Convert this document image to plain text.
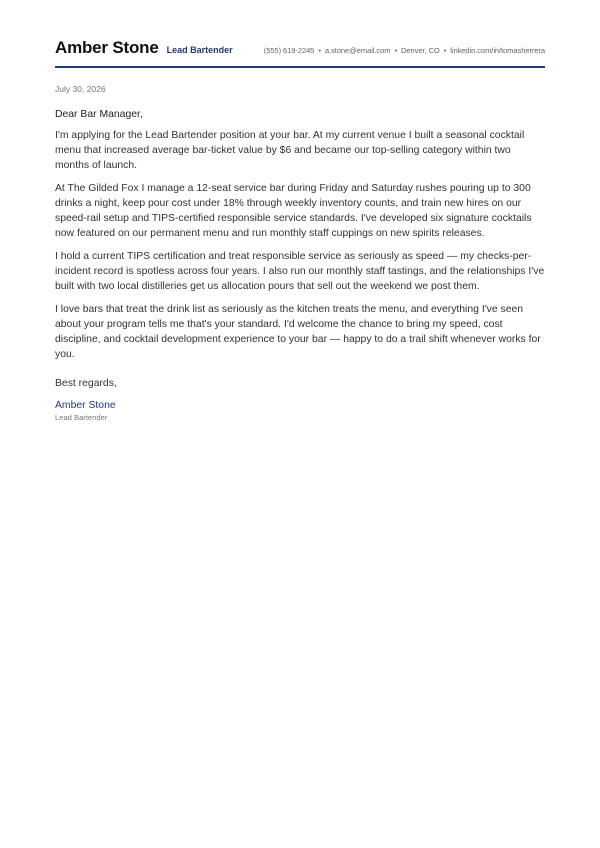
Amber Stone Lead Bartender	(555) 619-2245 • a.stone@email.com • Denver, CO • linkedin.com/in/tomasherrera
July 30, 2026
Dear Bar Manager,

I'm applying for the Lead Bartender position at your bar. At my current venue I built a seasonal cocktail menu that increased average bar-ticket value by $6 and became our top-selling category within two months of launch.

At The Gilded Fox I manage a 12-seat service bar during Friday and Saturday rushes pouring up to 300 drinks a night, keep pour cost under 18% through weekly inventory counts, and train new hires on our speed-rail setup and TIPS-certified responsible service standards. I've developed six signature cocktails now featured on our permanent menu and run monthly staff cuppings on new spirits releases.

I hold a current TIPS certification and treat responsible service as seriously as speed — my checks-per-incident record is spotless across four years. I also run our monthly staff tastings, and the relationships I've built with two local distilleries get us allocation pours that sell out the weekend we post them.

I love bars that treat the drink list as seriously as the kitchen treats the menu, and everything I've seen about your program tells me that's your standard. I'd welcome the chance to bring my speed, cost discipline, and cocktail development experience to your bar — happy to do a trail shift whenever works for you.

Best regards,
Amber Stone
Lead Bartender
